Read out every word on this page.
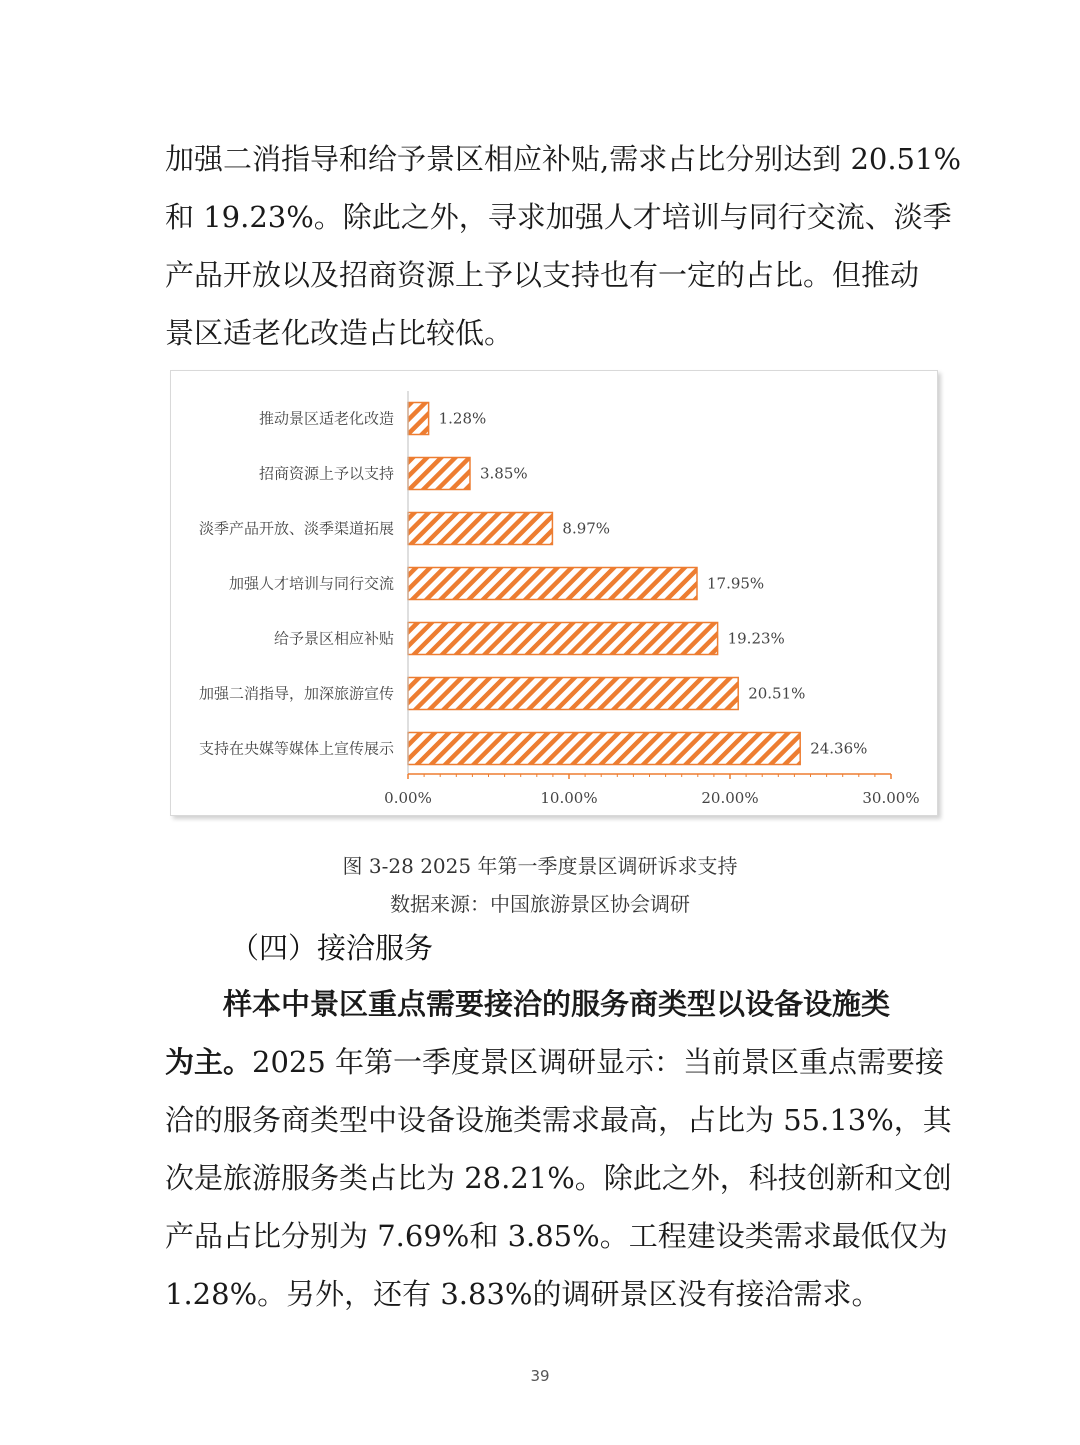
加强二消指导和给予景区相应补贴,需求占比分别达到 20.51%
和 19.23%。除此之外，寻求加强人才培训与同行交流、淡季
产品开放以及招商资源上予以支持也有一定的占比。但推动
景区适老化改造占比较低。
推动景区适老化改造	1.28%
招商资源上予以支持	3.85%
淡季产品开放、淡季渠道拓展	8.97%
加强人才培训与同行交流	17.95%
给予景区相应补贴	19.23%
加强二消指导，加深旅游宣传	20.51%
支持在央媒等媒体上宣传展示	24.36%
0.00%	10.00%	20.00%	30.00%
图 3-28 2025 年第一季度景区调研诉求支持
数据来源：中国旅游景区协会调研
（四）接洽服务
样本中景区重点需要接洽的服务商类型以设备设施类
为主。2025 年第一季度景区调研显示：当前景区重点需要接
洽的服务商类型中设备设施类需求最高，占比为 55.13%，其
次是旅游服务类占比为 28.21%。除此之外，科技创新和文创
产品占比分别为 7.69%和 3.85%。工程建设类需求最低仅为
1.28%。另外，还有 3.83%的调研景区没有接洽需求。
39
